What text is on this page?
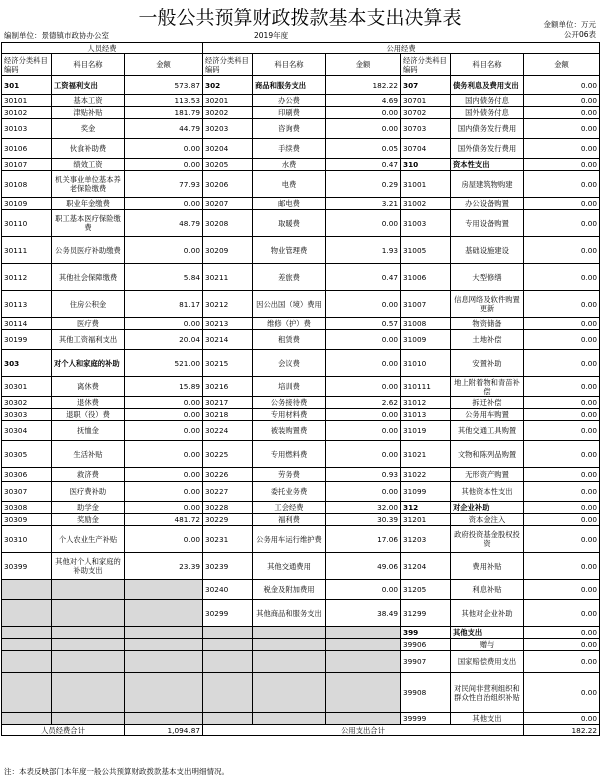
一般公共预算财政拨款基本支出决算表	金额单位：万元
公开06表
编制单位：景德镇市政协办公室	2019年度
人员经费			公用经费					
经济分类科目编码	科目名称	金额	经济分类科目编码	科目名称	金额	经济分类科目编码	科目名称	金额
301	工资福利支出	573.87	302	商品和服务支出	182.22	307	债务利息及费用支出	0.00
30101	基本工资	113.53	30201	办公费	4.69	30701	国内债务付息	0.00
30102	津贴补贴	181.79	30202	印刷费	0.00	30702	国外债务付息	0.00
30103	奖金	44.79	30203	咨询费	0.00	30703	国内债务发行费用	0.00
30106	伙食补助费	0.00	30204	手续费	0.05	30704	国外债务发行费用	0.00
30107	绩效工资	0.00	30205	水费	0.47	310	资本性支出	0.00
30108	机关事业单位基本养老保险缴费	77.93	30206	电费	0.29	31001	房屋建筑物购建	0.00
30109	职业年金缴费	0.00	30207	邮电费	3.21	31002	办公设备购置	0.00
30110	职工基本医疗保险缴费	48.79	30208	取暖费	0.00	31003	专用设备购置	0.00
30111	公务员医疗补助缴费	0.00	30209	物业管理费	1.93	31005	基础设施建设	0.00
30112	其他社会保障缴费	5.84	30211	差旅费	0.47	31006	大型修缮	0.00
30113	住房公积金	81.17	30212	因公出国（境）费用	0.00	31007	信息网络及软件购置更新	0.00
30114	医疗费	0.00	30213	维修（护）费	0.57	31008	物资储备	0.00
30199	其他工资福利支出	20.04	30214	租赁费	0.00	31009	土地补偿	0.00
303	对个人和家庭的补助	521.00	30215	会议费	0.00	31010	安置补助	0.00
30301	离休费	15.89	30216	培训费	0.00	310111	地上附着物和青苗补偿	0.00
30302	退休费	0.00	30217	公务接待费	2.62	31012	拆迁补偿	0.00
30303	退职（役）费	0.00	30218	专用材料费	0.00	31013	公务用车购置	0.00
30304	抚恤金	0.00	30224	被装购置费	0.00	31019	其他交通工具购置	0.00
30305	生活补贴	0.00	30225	专用燃料费	0.00	31021	文物和陈列品购置	0.00
30306	救济费	0.00	30226	劳务费	0.93	31022	无形资产购置	0.00
30307	医疗费补助	0.00	30227	委托业务费	0.00	31099	其他资本性支出	0.00
30308	助学金	0.00	30228	工会经费	32.00	312	对企业补助	0.00
30309	奖励金	481.72	30229	福利费	30.39	31201	资本金注入	0.00
30310	个人农业生产补贴	0.00	30231	公务用车运行维护费	17.06	31203	政府投资基金股权投资	0.00
30399	其他对个人和家庭的补助支出	23.39	30239	其他交通费用	49.06	31204	费用补贴	0.00
			30240	税金及附加费用	0.00	31205	利息补贴	0.00
			30299	其他商品和服务支出	38.49	31299	其他对企业补助	0.00
						399	其他支出	0.00
						39906	赠与	0.00
						39907	国家赔偿费用支出	0.00
						39908	对民间非营利组织和群众性自治组织补贴	0.00
						39999	其他支出	0.00
人员经费合计		1,094.87	公用支出合计					182.22
注：本表反映部门本年度一般公共预算财政拨款基本支出明细情况。
